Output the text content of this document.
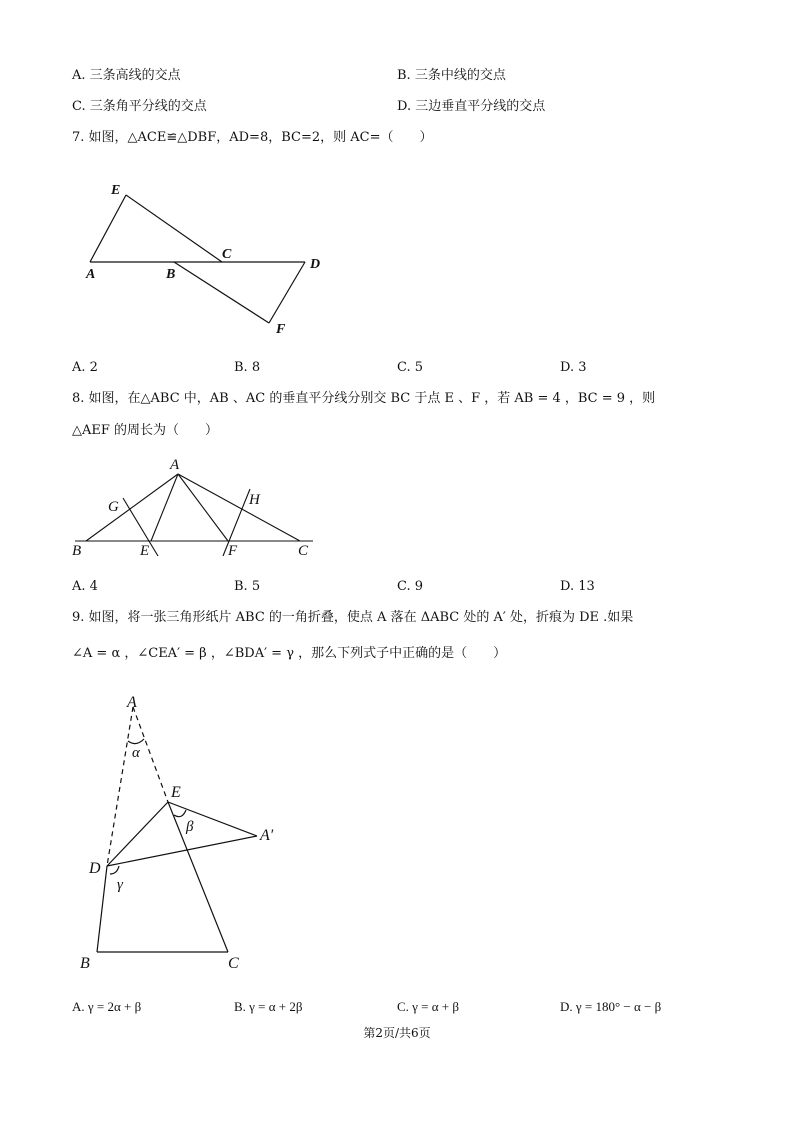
A. 三条高线的交点	B. 三条中线的交点
C. 三条角平分线的交点	D. 三边垂直平分线的交点
7. 如图，△ACE≌△DBF，AD=8，BC=2，则 AC=（　　）
E
A	B
C
D
F
A. 2	B. 8	C. 5	D. 3
8. 如图，在△ABC 中，AB 、AC 的垂直平分线分别交 BC 于点 E 、F ，若 AB = 4 ，BC = 9 ，则
△AEF 的周长为（　　）
A
G	H
B	E	F	C
A. 4	B. 5	C. 9	D. 13
9. 如图，将一张三角形纸片 ABC 的一角折叠，使点 A 落在 ΔABC 处的 A′ 处，折痕为 DE .如果
∠A = α ，∠CEA′ = β ，∠BDA′ = γ ，那么下列式子中正确的是（　　）
A
α
E
β	A′
D
γ
B	C
A. γ = 2α + β	B. γ = α + 2β	C. γ = α + β	D. γ = 180° − α − β
第2页/共6页
